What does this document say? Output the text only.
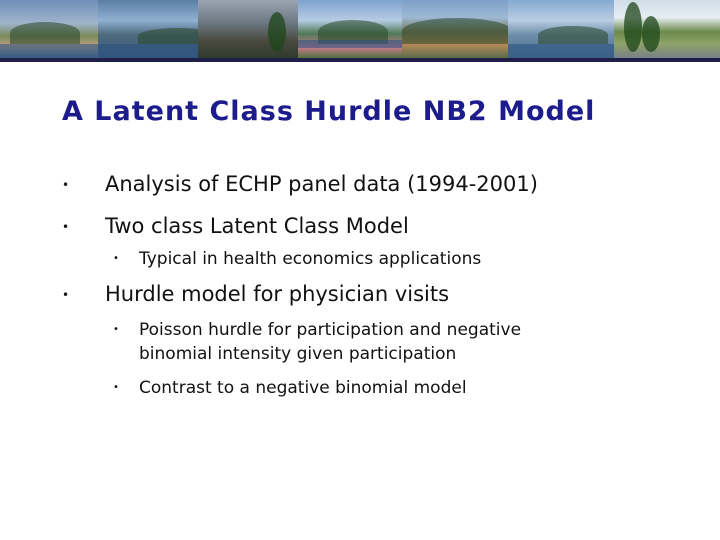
A Latent Class Hurdle NB2 Model
• Analysis of ECHP panel data (1994-2001)
• Two class Latent Class Model
• Typical in health economics applications
• Hurdle model for physician visits
• Poisson hurdle for participation and negative binomial intensity given participation
• Contrast to a negative binomial model
